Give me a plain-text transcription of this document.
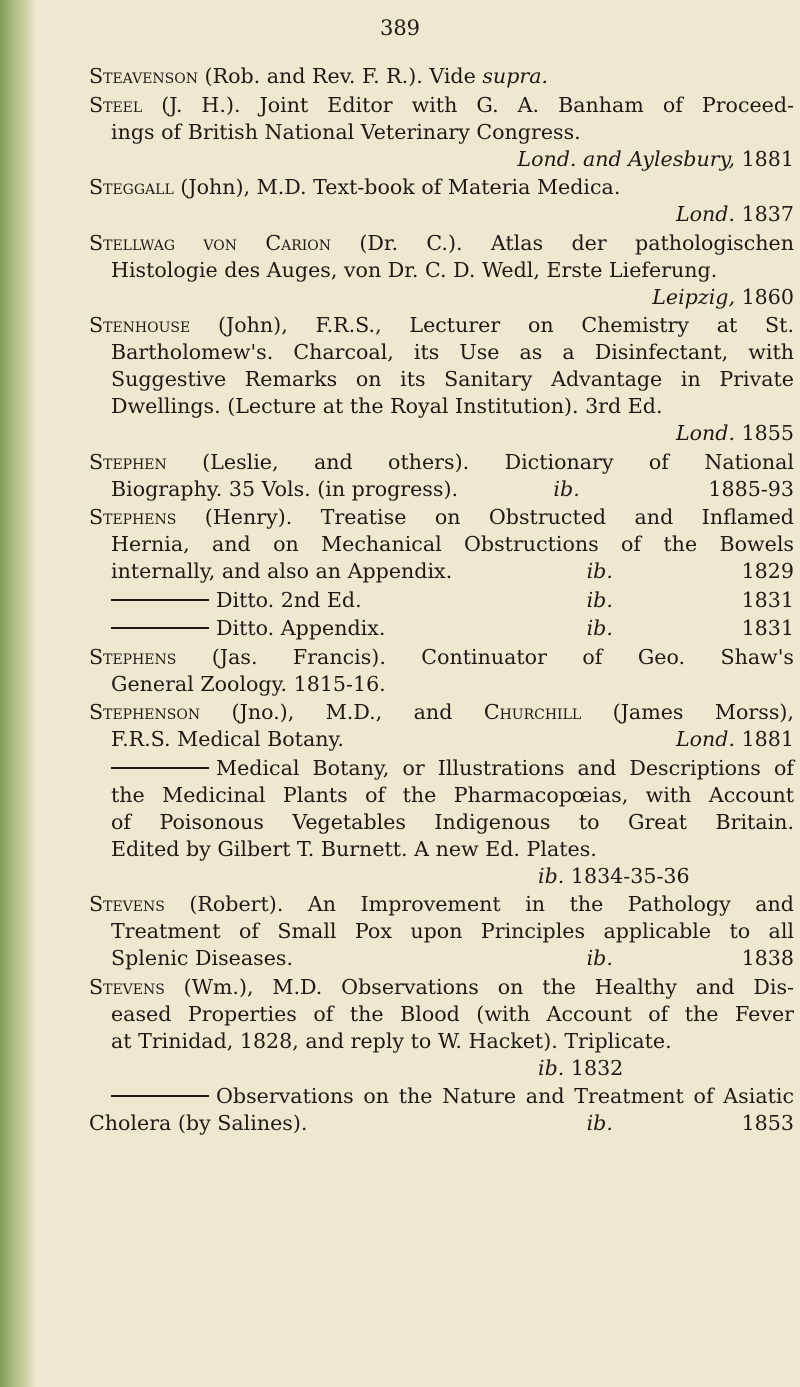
389
Steavenson (Rob. and Rev. F. R.). Vide supra.
Steel (J. H.). Joint Editor with G. A. Banham of Proceed-
ings of British National Veterinary Congress.
Lond. and Aylesbury, 1881
Steggall (John), M.D. Text-book of Materia Medica.
Lond. 1837
Stellwag von Carion (Dr. C.). Atlas der pathologischen
Histologie des Auges, von Dr. C. D. Wedl, Erste Lieferung.
Leipzig, 1860
Stenhouse (John), F.R.S., Lecturer on Chemistry at St.
Bartholomew's. Charcoal, its Use as a Disinfectant, with
Suggestive Remarks on its Sanitary Advantage in Private
Dwellings. (Lecture at the Royal Institution). 3rd Ed.
Lond. 1855
Stephen (Leslie, and others). Dictionary of National
Biography. 35 Vols. (in progress).	ib.	1885-93
Stephens (Henry). Treatise on Obstructed and Inflamed
Hernia, and on Mechanical Obstructions of the Bowels
internally, and also an Appendix.	ib.	1829
Ditto. 2nd Ed.	ib.	1831
Ditto. Appendix.	ib.	1831
Stephens (Jas. Francis). Continuator of Geo. Shaw's
General Zoology. 1815-16.
Stephenson (Jno.), M.D., and Churchill (James Morss),
F.R.S. Medical Botany.	Lond. 1881
Medical Botany, or Illustrations and Descriptions of
the Medicinal Plants of the Pharmacopœias, with Account
of Poisonous Vegetables Indigenous to Great Britain.
Edited by Gilbert T. Burnett. A new Ed. Plates.
ib. 1834-35-36
Stevens (Robert). An Improvement in the Pathology and
Treatment of Small Pox upon Principles applicable to all
Splenic Diseases.	ib.	1838
Stevens (Wm.), M.D. Observations on the Healthy and Dis-
eased Properties of the Blood (with Account of the Fever
at Trinidad, 1828, and reply to W. Hacket). Triplicate.
ib. 1832
Observations on the Nature and Treatment of Asiatic
Cholera (by Salines).	ib.	1853
